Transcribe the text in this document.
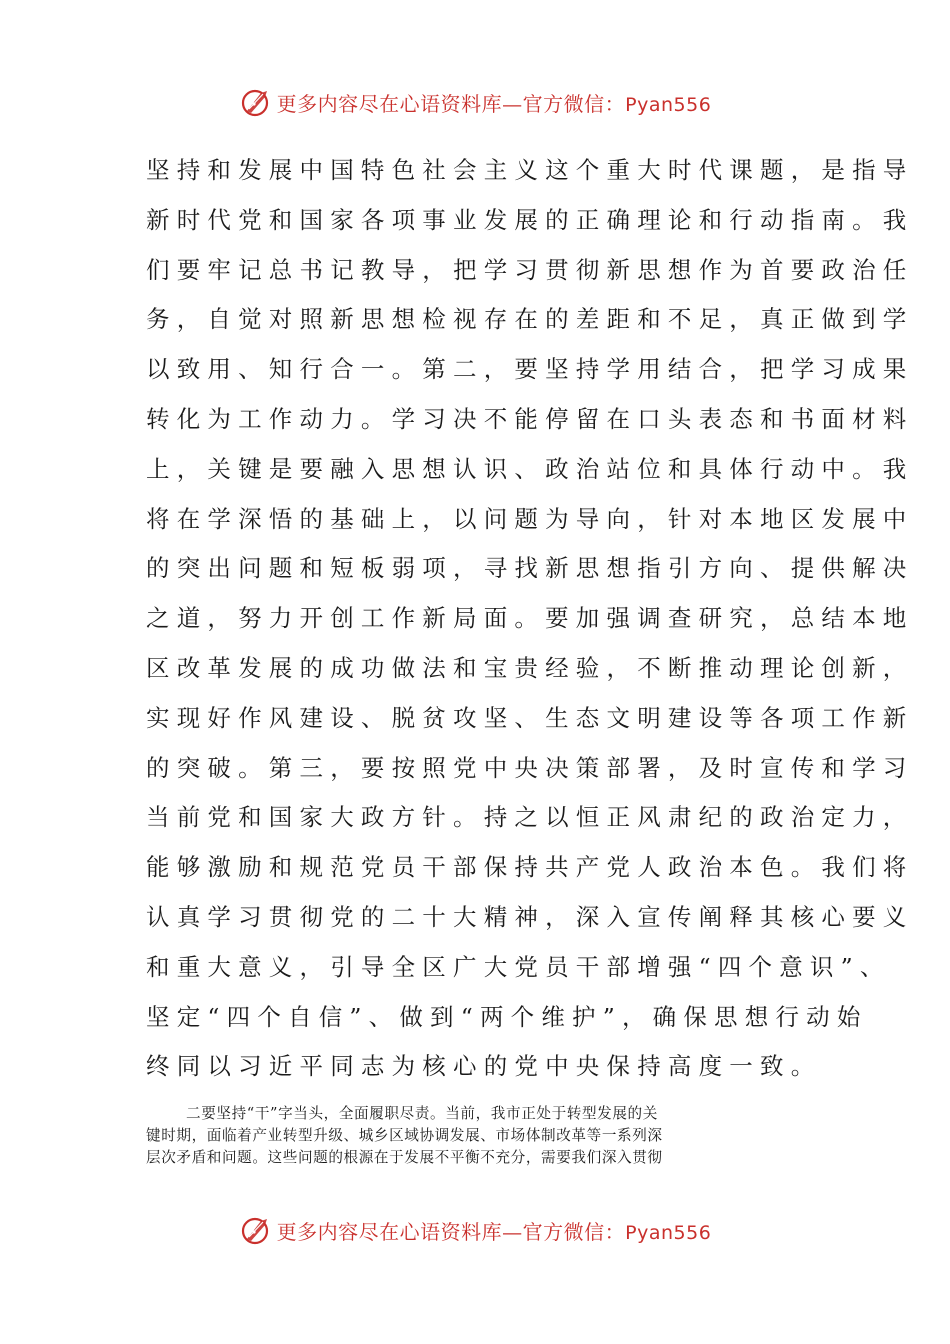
更多内容尽在心语资料库—官方微信：Pyan556
坚持和发展中国特色社会主义这个重大时代课题，是指导
新时代党和国家各项事业发展的正确理论和行动指南。我
们要牢记总书记教导，把学习贯彻新思想作为首要政治任
务，自觉对照新思想检视存在的差距和不足，真正做到学
以致用、知行合一。第二，要坚持学用结合，把学习成果
转化为工作动力。学习决不能停留在口头表态和书面材料
上，关键是要融入思想认识、政治站位和具体行动中。我
将在学深悟的基础上，以问题为导向，针对本地区发展中
的突出问题和短板弱项，寻找新思想指引方向、提供解决
之道，努力开创工作新局面。要加强调查研究，总结本地
区改革发展的成功做法和宝贵经验，不断推动理论创新，
实现好作风建设、脱贫攻坚、生态文明建设等各项工作新
的突破。第三，要按照党中央决策部署，及时宣传和学习
当前党和国家大政方针。持之以恒正风肃纪的政治定力，
能够激励和规范党员干部保持共产党人政治本色。我们将
认真学习贯彻党的二十大精神，深入宣传阐释其核心要义
和重大意义，引导全区广大党员干部增强“四个意识”、
坚定“四个自信”、做到“两个维护”，确保思想行动始
终同以习近平同志为核心的党中央保持高度一致。
二要坚持“干”字当头，全面履职尽责。当前，我市正处于转型发展的关
键时期，面临着产业转型升级、城乡区域协调发展、市场体制改革等一系列深
层次矛盾和问题。这些问题的根源在于发展不平衡不充分，需要我们深入贯彻
更多内容尽在心语资料库—官方微信：Pyan556
